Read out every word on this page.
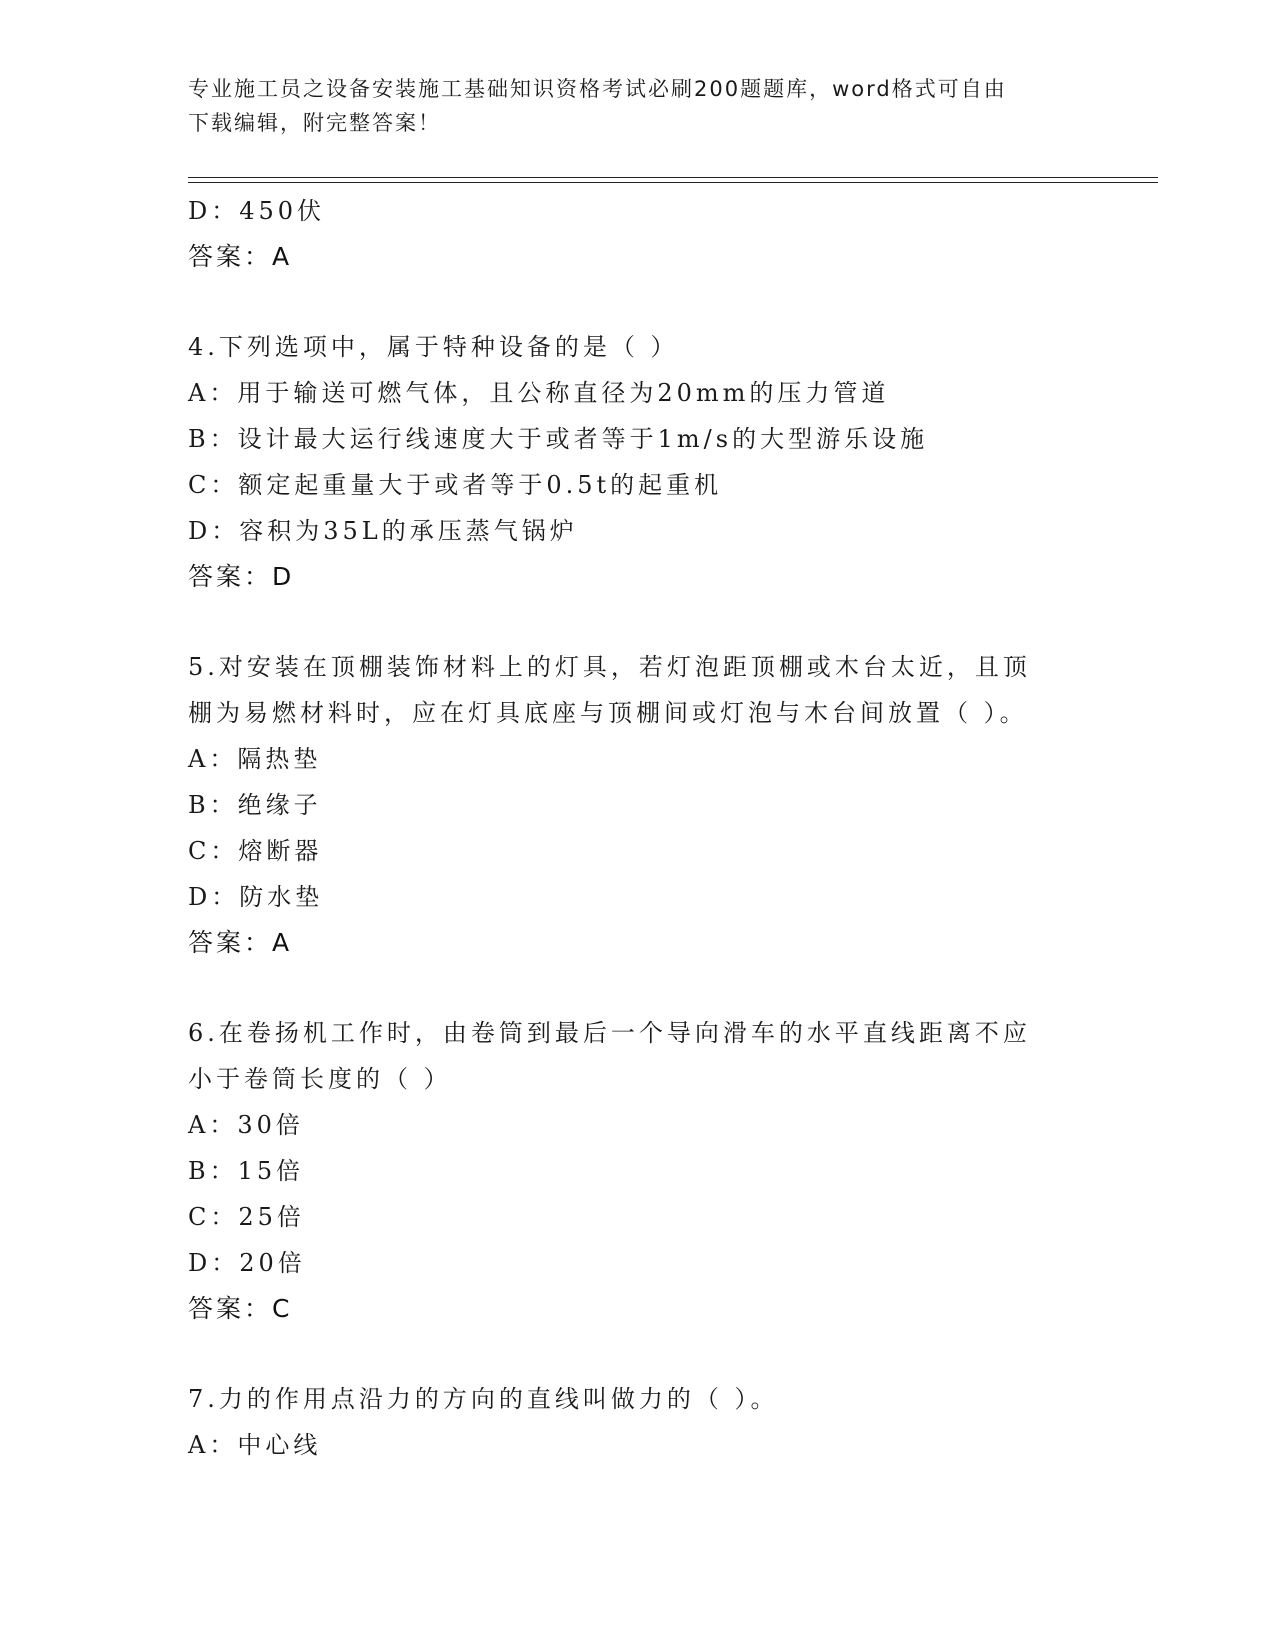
专业施工员之设备安装施工基础知识资格考试必刷200题题库，word格式可自由
下载编辑，附完整答案！
D：450伏
答案：A
4.下列选项中，属于特种设备的是（ ）
A：用于输送可燃气体，且公称直径为20mm的压力管道
B：设计最大运行线速度大于或者等于1m/s的大型游乐设施
C：额定起重量大于或者等于0.5t的起重机
D：容积为35L的承压蒸气锅炉
答案：D
5.对安装在顶棚装饰材料上的灯具，若灯泡距顶棚或木台太近，且顶
棚为易燃材料时，应在灯具底座与顶棚间或灯泡与木台间放置（ ）。
A：隔热垫
B：绝缘子
C：熔断器
D：防水垫
答案：A
6.在卷扬机工作时，由卷筒到最后一个导向滑车的水平直线距离不应
小于卷筒长度的（ ）
A：30倍
B：15倍
C：25倍
D：20倍
答案：C
7.力的作用点沿力的方向的直线叫做力的（ ）。
A：中心线
